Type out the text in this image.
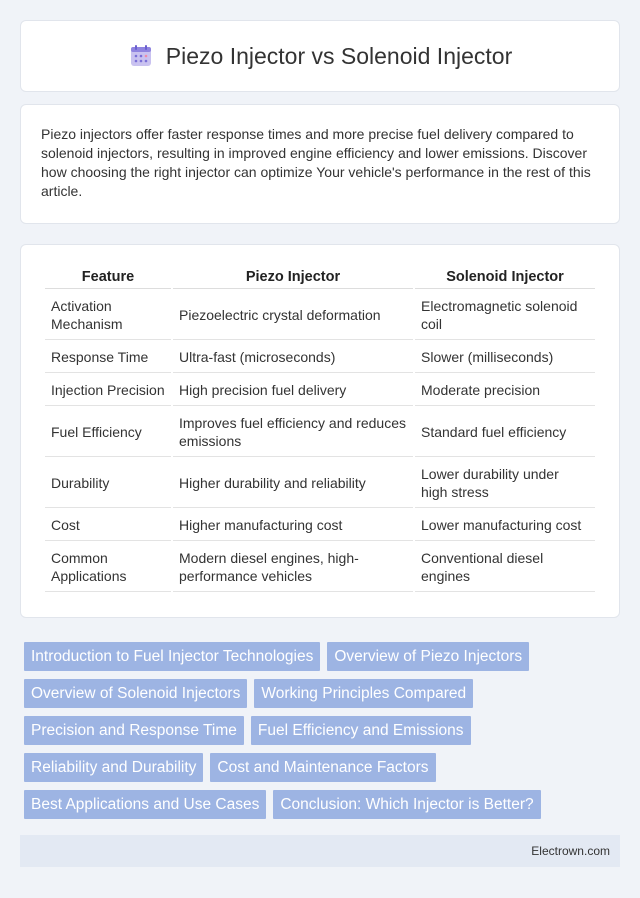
Piezo Injector vs Solenoid Injector

Piezo injectors offer faster response times and more precise fuel delivery compared to solenoid injectors, resulting in improved engine efficiency and lower emissions. Discover how choosing the right injector can optimize Your vehicle's performance in the rest of this article.

Feature	Piezo Injector	Solenoid Injector
Activation Mechanism	Piezoelectric crystal deformation	Electromagnetic solenoid coil
Response Time	Ultra-fast (microseconds)	Slower (milliseconds)
Injection Precision	High precision fuel delivery	Moderate precision
Fuel Efficiency	Improves fuel efficiency and reduces emissions	Standard fuel efficiency
Durability	Higher durability and reliability	Lower durability under high stress
Cost	Higher manufacturing cost	Lower manufacturing cost
Common Applications	Modern diesel engines, high-performance vehicles	Conventional diesel engines
Introduction to Fuel Injector Technologies	Overview of Piezo Injectors
Overview of Solenoid Injectors	Working Principles Compared
Precision and Response Time	Fuel Efficiency and Emissions
Reliability and Durability	Cost and Maintenance Factors
Best Applications and Use Cases	Conclusion: Which Injector is Better?
Electrown.com
